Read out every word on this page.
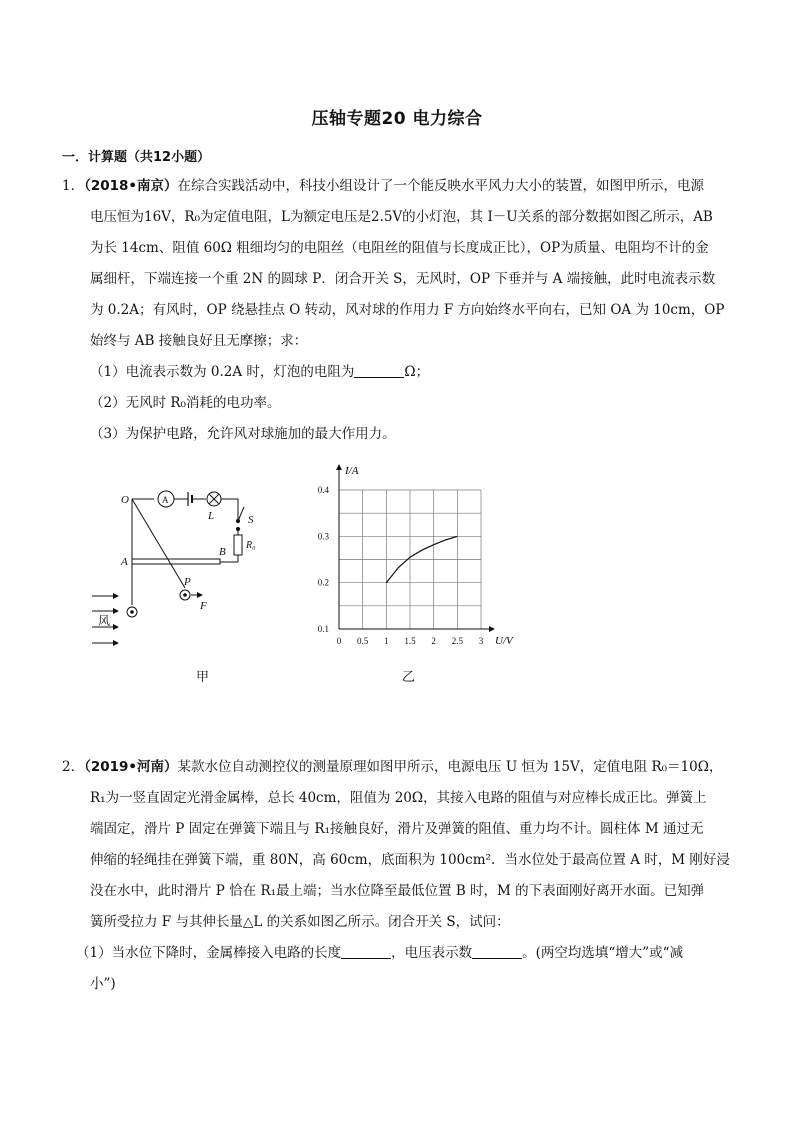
压轴专题20 电力综合
一．计算题（共12小题）

1．（2018•南京）在综合实践活动中，科技小组设计了一个能反映水平风力大小的装置，如图甲所示，电源

电压恒为16V，R₀为定值电阻，L为额定电压是2.5V的小灯泡，其 I－U关系的部分数据如图乙所示，AB

为长 14cm、阻值 60Ω 粗细均匀的电阻丝（电阻丝的阻值与长度成正比），OP为质量、电阻均不计的金

属细杆，下端连接一个重 2N 的圆球 P．闭合开关 S，无风时，OP 下垂并与 A 端接触，此时电流表示数

为 0.2A；有风时，OP 绕悬挂点 O 转动，风对球的作用力 F 方向始终水平向右，已知 OA 为 10cm，OP

始终与 AB 接触良好且无摩擦；求：

（1）电流表示数为 0.2A 时，灯泡的电阻为	Ω；

（2）无风时 R₀消耗的电功率。

（3）为保护电路，允许风对球施加的最大作用力。

O	A
L	S
R₀
B
A
P
F
风
甲
0 0.5 1 1.5 2 2.5 3
0.1
0.2
0.3
0.4
I/A
U/V
乙

2．（2019•河南）某款水位自动测控仪的测量原理如图甲所示，电源电压 U 恒为 15V，定值电阻 R₀＝10Ω，

R₁为一竖直固定光滑金属棒，总长 40cm，阻值为 20Ω，其接入电路的阻值与对应棒长成正比。弹簧上

端固定，滑片 P 固定在弹簧下端且与 R₁接触良好，滑片及弹簧的阻值、重力均不计。圆柱体 M 通过无

伸缩的轻绳挂在弹簧下端，重 80N，高 60cm，底面积为 100cm²．当水位处于最高位置 A 时，M 刚好浸

没在水中，此时滑片 P 恰在 R₁最上端；当水位降至最低位置 B 时，M 的下表面刚好离开水面。已知弹

簧所受拉力 F 与其伸长量△L 的关系如图乙所示。闭合开关 S，试问：

（1）当水位下降时，金属棒接入电路的长度	，电压表示数	。(两空均选填“增大”或“减

小”)
